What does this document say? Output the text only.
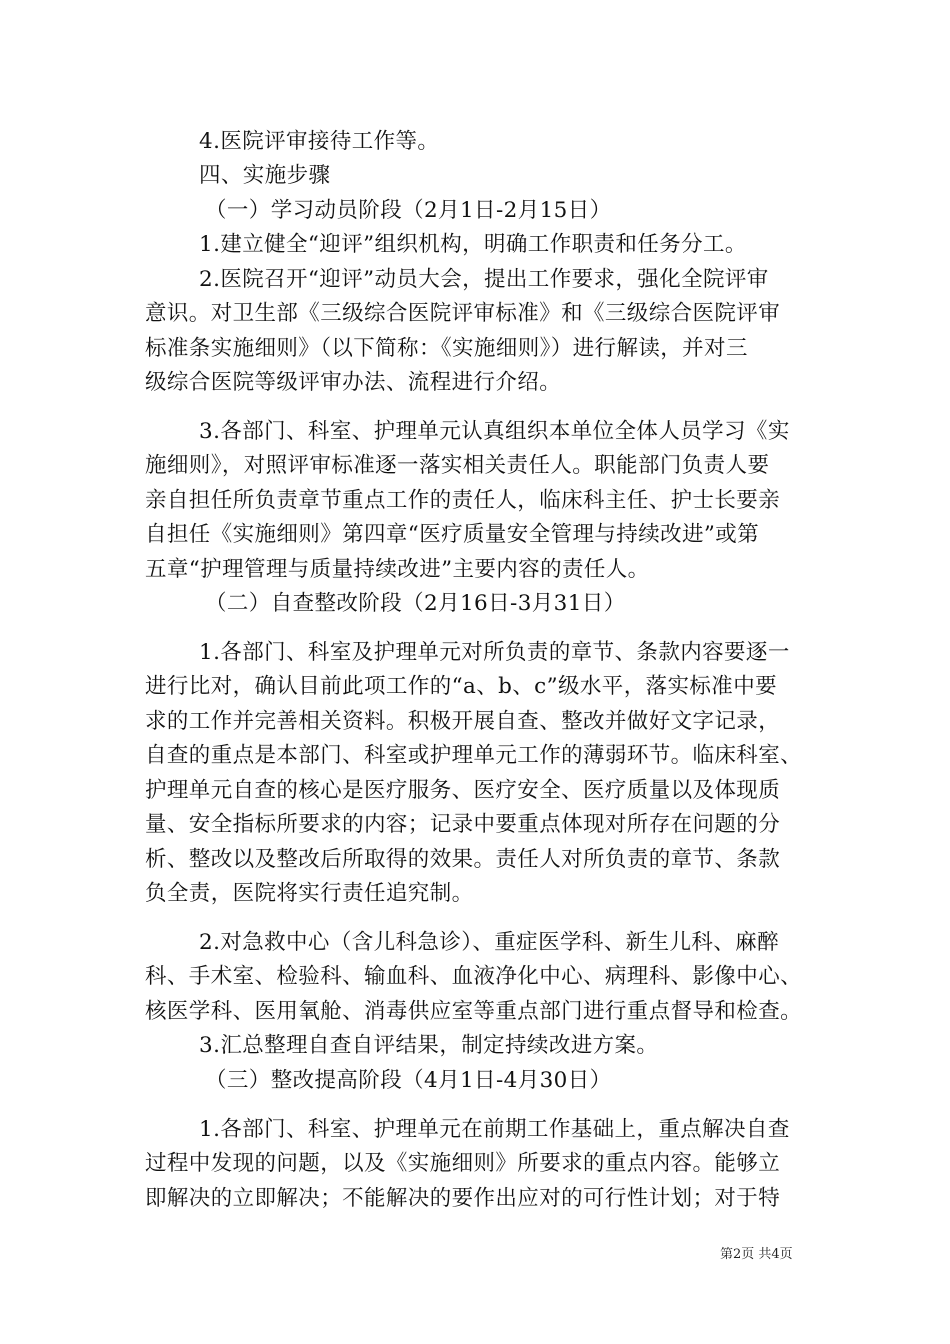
4.医院评审接待工作等。
四、实施步骤
（一）学习动员阶段（2月1日-2月15日）
1.建立健全“迎评”组织机构，明确工作职责和任务分工。
2.医院召开“迎评”动员大会，提出工作要求，强化全院评审
意识。对卫生部《三级综合医院评审标准》和《三级综合医院评审
标准条实施细则》（以下简称：《实施细则》）进行解读，并对三
级综合医院等级评审办法、流程进行介绍。
3.各部门、科室、护理单元认真组织本单位全体人员学习《实
施细则》，对照评审标准逐一落实相关责任人。职能部门负责人要
亲自担任所负责章节重点工作的责任人，临床科主任、护士长要亲
自担任《实施细则》第四章“医疗质量安全管理与持续改进”或第
五章“护理管理与质量持续改进”主要内容的责任人。
（二）自查整改阶段（2月16日-3月31日）
1.各部门、科室及护理单元对所负责的章节、条款内容要逐一
进行比对，确认目前此项工作的“a、b、c”级水平，落实标准中要
求的工作并完善相关资料。积极开展自查、整改并做好文字记录，
自查的重点是本部门、科室或护理单元工作的薄弱环节。临床科室、
护理单元自查的核心是医疗服务、医疗安全、医疗质量以及体现质
量、安全指标所要求的内容；记录中要重点体现对所存在问题的分
析、整改以及整改后所取得的效果。责任人对所负责的章节、条款
负全责，医院将实行责任追究制。
2.对急救中心（含儿科急诊）、重症医学科、新生儿科、麻醉
科、手术室、检验科、输血科、血液净化中心、病理科、影像中心、
核医学科、医用氧舱、消毒供应室等重点部门进行重点督导和检查。
3.汇总整理自查自评结果，制定持续改进方案。
（三）整改提高阶段（4月1日-4月30日）
1.各部门、科室、护理单元在前期工作基础上，重点解决自查
过程中发现的问题，以及《实施细则》所要求的重点内容。能够立
即解决的立即解决；不能解决的要作出应对的可行性计划；对于特
第2页 共4页
